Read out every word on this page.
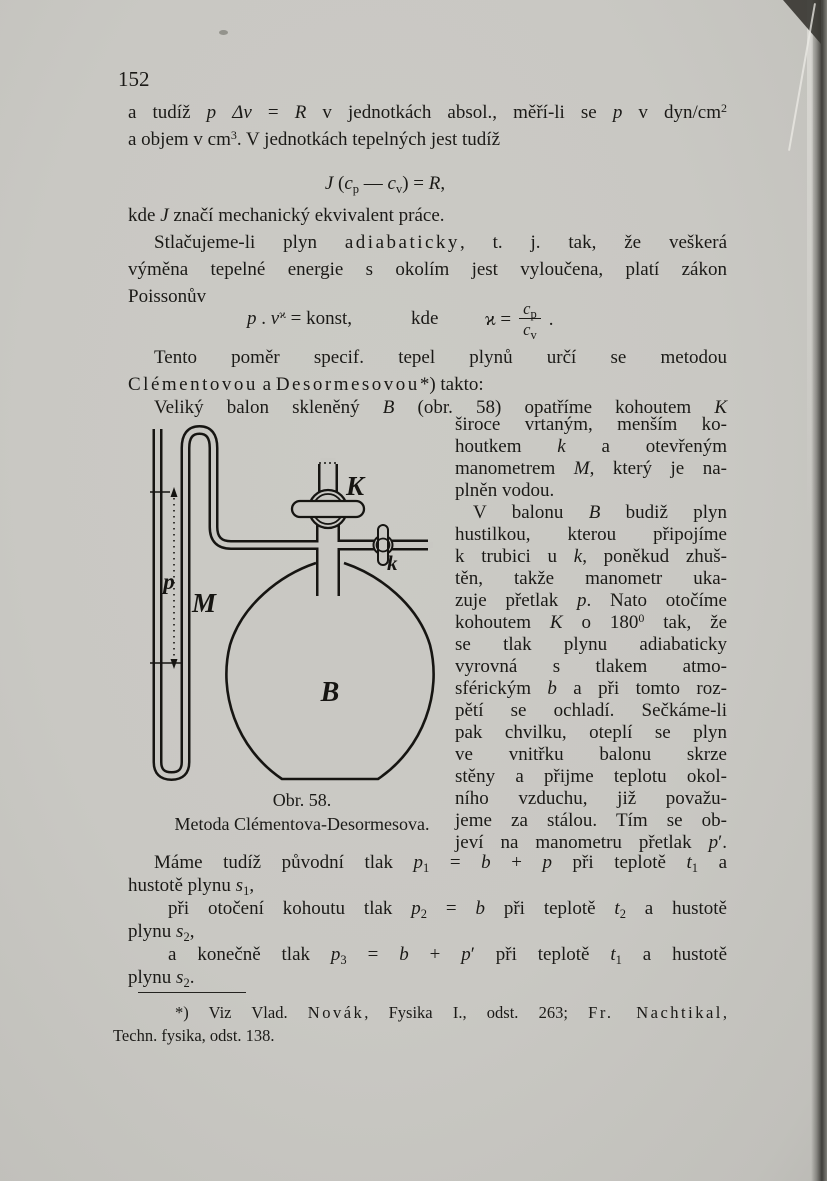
152
a tudíž p Δv = R v jednotkách absol., měří-li se p v dyn/$cm^2$
a objem v $cm^3$. V jednotkách tepelných jest tudíž
J ($c_p$ — $c_v) = R$,
kde J značí mechanický ekvivalent práce.
Stlačujeme-li plyn adiabaticky, t. j. tak, že veškerá
výměna tepelné energie s okolím jest vyloučena, platí zákon
Poissonův
p . $v^ϰ$ = konst,	kde $ϰ = \frac{c_p}{c_v}$ .
Tento poměr specif. tepel plynů určí se metodou
Clémentovou a Desormesovou*) takto:
Veliký balon skleněný B (obr. 58) opatříme kohoutem K
široce vrtaným, menším ko-
houtkem k a otevřeným
manometrem M, který je na-
plněn vodou.
V balonu B budiž plyn
hustilkou, kterou připojíme
k trubici u k, poněkud zhuš-
těn, takže manometr uka-
zuje přetlak p. Nato otočíme
kohoutem K o $180^0$ tak, že
se tlak plynu adiabaticky
vyrovná s tlakem atmo-
sférickým b a při tomto roz-
pětí se ochladí. Sečkáme-li
pak chvilku, oteplí se plyn
ve vnitřku balonu skrze
stěny a přijme teplotu okol-
ního vzduchu, již považu-
jeme za stálou. Tím se ob-
jeví na manometru přetlak p′.
p
M
K
k
B
Obr. 58.
Metoda Clémentova-Desormesova.
Máme tudíž původní tlak $p_1 = b + p$ při teplotě $t_1$ a
hustotě plynu $s_1$,
při otočení kohoutu tlak $p_2 = b$ při teplotě $t_2$ a hustotě
plynu $s_2$,
a konečně tlak $p_3 = b + p'$ při teplotě $t_1$ a hustotě
plynu $s_2$.
*) Viz Vlad. Novák, Fysika I., odst. 263; Fr. Nachtikal,
Techn. fysika, odst. 138.
